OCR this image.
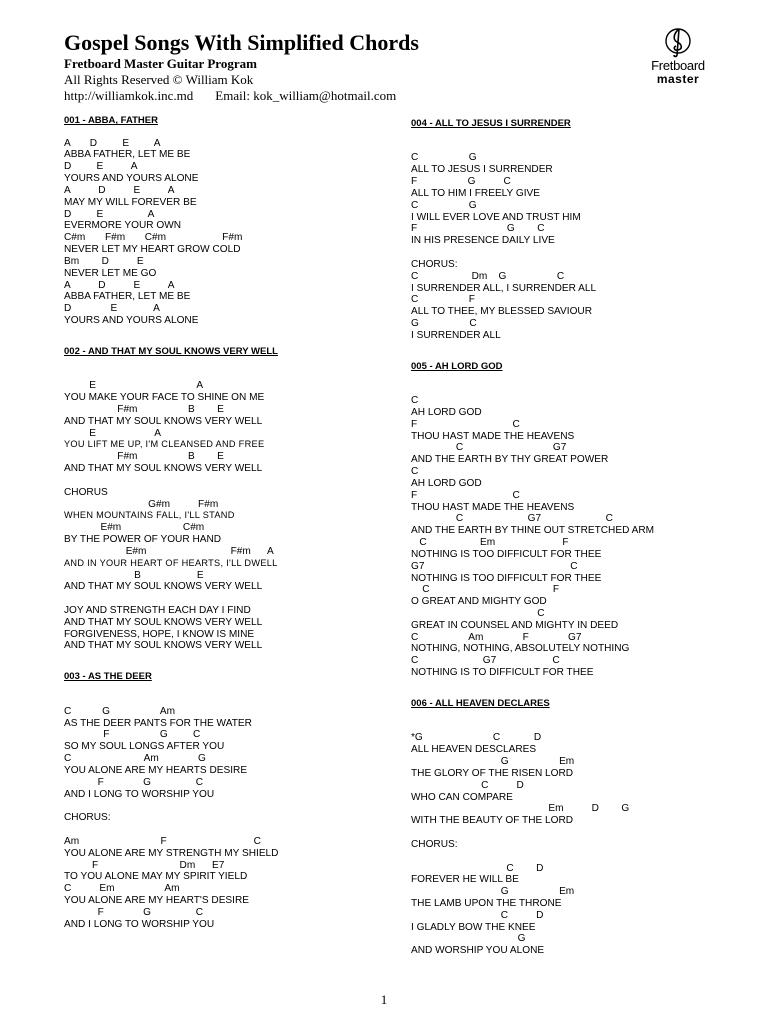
Gospel Songs With Simplified Chords
Fretboard Master Guitar Program
All Rights Reserved © William Kok
http://williamkok.inc.md Email: kok_william@hotmail.com
Fretboard
master
001 - ABBA, FATHER
A       D         E         A
ABBA FATHER, LET ME BE
D         E          A
YOURS AND YOURS ALONE
A          D          E          A
MAY MY WILL FOREVER BE
D         E                A
EVERMORE YOUR OWN
C#m       F#m       C#m                    F#m
NEVER LET MY HEART GROW COLD
Bm        D          E
NEVER LET ME GO
A          D          E          A
ABBA FATHER, LET ME BE
D              E             A
YOURS AND YOURS ALONE
002 - AND THAT MY SOUL KNOWS VERY WELL
E                                    A
YOU MAKE YOUR FACE TO SHINE ON ME
F#m                  B        E
AND THAT MY SOUL KNOWS VERY WELL
E                     A
YOU LIFT ME UP, I'M CLEANSED AND FREE
F#m                  B        E
AND THAT MY SOUL KNOWS VERY WELL
CHORUS
G#m          F#m
WHEN MOUNTAINS FALL, I'LL STAND
E#m                      C#m
BY THE POWER OF YOUR HAND
E#m                              F#m      A
AND IN YOUR HEART OF HEARTS, I'LL DWELL
B                    E
AND THAT MY SOUL KNOWS VERY WELL
JOY AND STRENGTH EACH DAY I FIND
AND THAT MY SOUL KNOWS VERY WELL
FORGIVENESS, HOPE, I KNOW IS MINE
AND THAT MY SOUL KNOWS VERY WELL
003 - AS THE DEER
C           G                  Am
AS THE DEER PANTS FOR THE WATER
F                  G         C
SO MY SOUL LONGS AFTER YOU
C                          Am              G
YOU ALONE ARE MY HEARTS DESIRE
F              G                C
AND I LONG TO WORSHIP YOU
CHORUS:
Am                             F                               C
YOU ALONE ARE MY STRENGTH MY SHIELD
F                             Dm      E7
TO YOU ALONE MAY MY SPIRIT YIELD
C          Em                  Am
YOU ALONE ARE MY HEART'S DESIRE
F              G                C
AND I LONG TO WORSHIP YOU
004 - ALL TO JESUS I SURRENDER
C                  G
ALL TO JESUS I SURRENDER
F                  G          C
ALL TO HIM I FREELY GIVE
C                  G
I WILL EVER LOVE AND TRUST HIM
F                                G        C
IN HIS PRESENCE DAILY LIVE
CHORUS:
C                   Dm    G                  C
I SURRENDER ALL, I SURRENDER ALL
C                  F
ALL TO THEE, MY BLESSED SAVIOUR
G                  C
I SURRENDER ALL
005 - AH LORD GOD
C
AH LORD GOD
F                                  C
THOU HAST MADE THE HEAVENS
C                                G7
AND THE EARTH BY THY GREAT POWER
C
AH LORD GOD
F                                  C
THOU HAST MADE THE HEAVENS
C                       G7                       C
AND THE EARTH BY THINE OUT STRETCHED ARM
C                   Em                        F
NOTHING IS TOO DIFFICULT FOR THEE
G7                                                    C
NOTHING IS TOO DIFFICULT FOR THEE
C                                            F
O GREAT AND MIGHTY GOD
C
GREAT IN COUNSEL AND MIGHTY IN DEED
C                  Am              F              G7
NOTHING, NOTHING, ABSOLUTELY NOTHING
C                       G7                    C
NOTHING IS TO DIFFICULT FOR THEE
006 - ALL HEAVEN DECLARES
*G                         C            D
ALL HEAVEN DESCLARES
G                  Em
THE GLORY OF THE RISEN LORD
C          D
WHO CAN COMPARE
Em          D        G
WITH THE BEAUTY OF THE LORD
CHORUS:
C        D
FOREVER HE WILL BE
G                  Em
THE LAMB UPON THE THRONE
C          D
I GLADLY BOW THE KNEE
G
AND WORSHIP YOU ALONE
1
